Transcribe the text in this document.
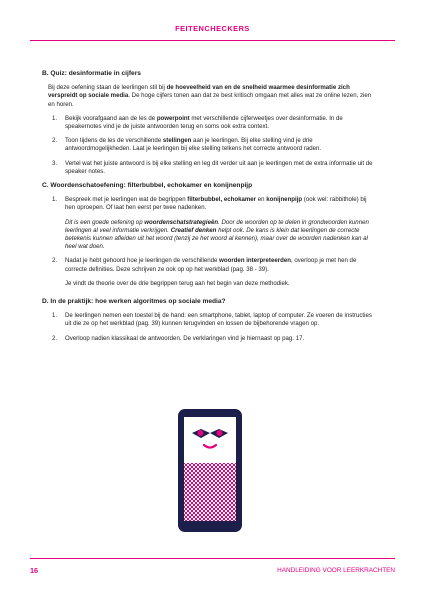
FEITENCHECKERS
B. Quiz: desinformatie in cijfers
Bij deze oefening staan de leerlingen stil bij de hoeveelheid van en de snelheid waarmee desinformatie zich verspreidt op sociale media. De hoge cijfers tonen aan dat ze best kritisch omgaan met alles wat ze online lezen, zien en horen.
1. Bekijk voorafgaand aan de les de powerpoint met verschillende cijferweetjes over desinformatie. In de speakernotes vind je de juiste antwoorden terug en soms ook extra context.
2. Toon tijdens de les de verschillende stellingen aan je leerlingen. Bij elke stelling vind je drie antwoordmogelijkheden. Laat je leerlingen bij elke stelling telkens het correcte antwoord raden.
3. Vertel wat het juiste antwoord is bij elke stelling en leg dit verder uit aan je leerlingen met de extra informatie uit de speaker notes.
C. Woordenschatoefening: filterbubbel, echokamer en konijnenpijp
1. Bespreek met je leerlingen wat de begrippen filterbubbel, echokamer en konijnenpijp (ook wel: rabbithole) bij hen oproepen. Of laat hen eerst per twee nadenken.
Dit is een goede oefening op woordenschatstrategieën. Door de woorden op te delen in grondwoorden kunnen leerlingen al veel informatie verkrijgen. Creatief denken helpt ook. De kans is klein dat leerlingen de correcte betekenis kunnen afleiden uit het woord (tenzij ze het woord al kennen), maar over de woorden nadenken kan al heel wat doen.
2. Nadat je hebt gehoord hoe je leerlingen de verschillende woorden interpreteerden, overloop je met hen de correcte definities. Deze schrijven ze ook op op het werkblad (pag. 38 - 39).
Je vindt de theorie over de drie begrippen terug aan het begin van deze methodiek.
D. In de praktijk: hoe werken algoritmes op sociale media?
1. De leerlingen nemen een toestel bij de hand: een smartphone, tablet, laptop of computer. Ze voeren de instructies uit die ze op het werkblad (pag. 39) kunnen terugvinden en lossen de bijbehorende vragen op.
2. Overloop nadien klassikaal de antwoorden. De verklaringen vind je hiernaast op pag. 17.
16	HANDLEIDING VOOR LEERKRACHTEN
